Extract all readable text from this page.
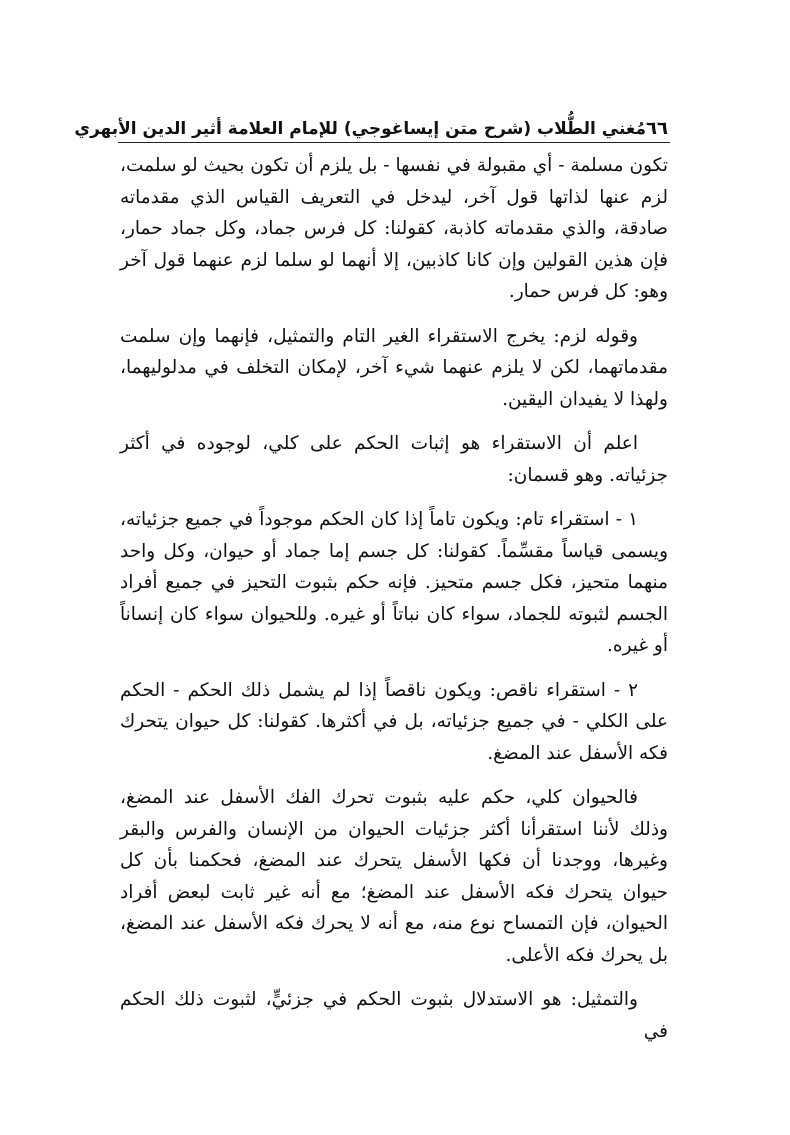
٦٦
مُغني الطُّلاب (شرح متن إيساغوجي) للإمام العلامة أثير الدين الأبهري

تكون مسلمة - أي مقبولة في نفسها - بل يلزم أن تكون بحيث لو سلمت، لزم عنها لذاتها قول آخر، ليدخل في التعريف القياس الذي مقدماته صادقة، والذي مقدماته كاذبة، كقولنا: كل فرس جماد، وكل جماد حمار، فإن هذين القولين وإن كانا كاذبين، إلا أنهما لو سلما لزم عنهما قول آخر وهو: كل فرس حمار.

وقوله لزم: يخرج الاستقراء الغير التام والتمثيل، فإنهما وإن سلمت مقدماتهما، لكن لا يلزم عنهما شيء آخر، لإمكان التخلف في مدلوليهما، ولهذا لا يفيدان اليقين.

اعلم أن الاستقراء هو إثبات الحكم على كلي، لوجوده في أكثر جزئياته. وهو قسمان:

١ - استقراء تام: ويكون تاماً إذا كان الحكم موجوداً في جميع جزئياته، ويسمى قياساً مقسِّماً. كقولنا: كل جسم إما جماد أو حيوان، وكل واحد منهما متحيز، فكل جسم متحيز. فإنه حكم بثبوت التحيز في جميع أفراد الجسم لثبوته للجماد، سواء كان نباتاً أو غيره. وللحيوان سواء كان إنساناً أو غيره.

٢ - استقراء ناقص: ويكون ناقصاً إذا لم يشمل ذلك الحكم - الحكم على الكلي - في جميع جزئياته، بل في أكثرها. كقولنا: كل حيوان يتحرك فكه الأسفل عند المضغ.

فالحيوان كلي، حكم عليه بثبوت تحرك الفك الأسفل عند المضغ، وذلك لأننا استقرأنا أكثر جزئيات الحيوان من الإنسان والفرس والبقر وغيرها، ووجدنا أن فكها الأسفل يتحرك عند المضغ، فحكمنا بأن كل حيوان يتحرك فكه الأسفل عند المضغ؛ مع أنه غير ثابت لبعض أفراد الحيوان، فإن التمساح نوع منه، مع أنه لا يحرك فكه الأسفل عند المضغ، بل يحرك فكه الأعلى.

والتمثيل: هو الاستدلال بثبوت الحكم في جزئيٍّ، لثبوت ذلك الحكم في
